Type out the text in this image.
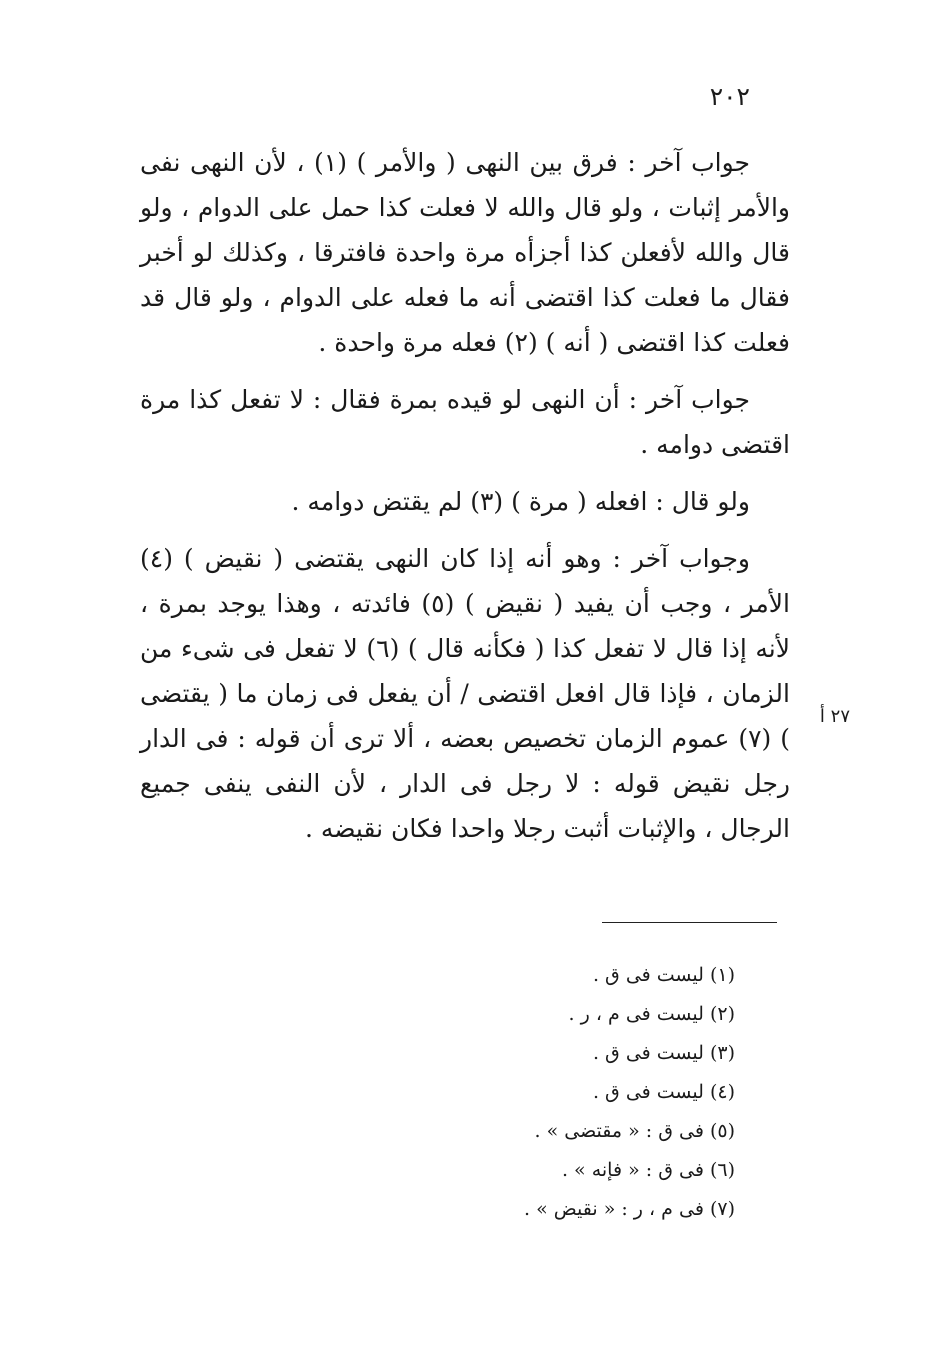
٢٠٢

جواب آخر : فرق بين النهى ( والأمر ) (١) ، لأن النهى نفى والأمر إثبات ، ولو قال والله لا فعلت كذا حمل على الدوام ، ولو قال والله لأفعلن كذا أجزأه مرة واحدة فافترقا ، وكذلك لو أخبر فقال ما فعلت كذا اقتضى أنه ما فعله على الدوام ، ولو قال قد فعلت كذا اقتضى ( أنه ) (٢) فعله مرة واحدة .

جواب آخر : أن النهى لو قيده بمرة فقال : لا تفعل كذا مرة اقتضى دوامه .

ولو قال : افعله ( مرة ) (٣) لم يقتض دوامه .

وجواب آخر : وهو أنه إذا كان النهى يقتضى ( نقيض ) (٤) الأمر ، وجب أن يفيد ( نقيض ) (٥) فائدته ، وهذا يوجد بمرة ، لأنه إذا قال لا تفعل كذا ( فكأنه قال ) (٦) لا تفعل فى شىء من الزمان ، فإذا قال افعل اقتضى / أن يفعل فى زمان ما ( يقتضى ) (٧) عموم الزمان تخصيص بعضه ، ألا ترى أن قوله : فى الدار رجل نقيض قوله : لا رجل فى الدار ، لأن النفى ينفى جميع الرجال ، والإثبات أثبت رجلا واحدا فكان نقيضه .

٢٧ أ
(١) ليست فى ق .
(٢) ليست فى م ، ر .
(٣) ليست فى ق .
(٤) ليست فى ق .
(٥) فى ق : « مقتضى » .
(٦) فى ق : « فإنه » .
(٧) فى م ، ر : « نقيض » .
